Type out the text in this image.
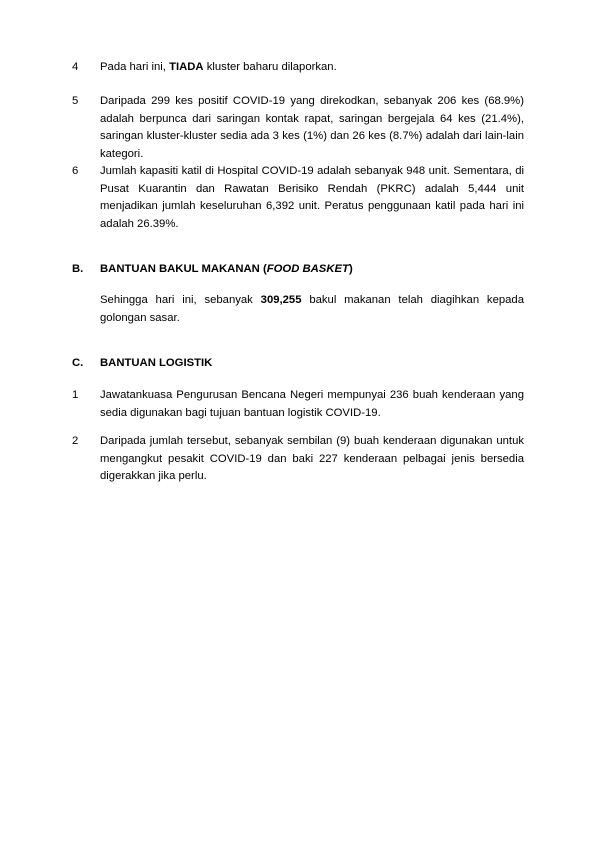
4	Pada hari ini, TIADA kluster baharu dilaporkan.
5	Daripada 299 kes positif COVID-19 yang direkodkan, sebanyak 206 kes (68.9%) adalah berpunca dari saringan kontak rapat, saringan bergejala 64 kes (21.4%), saringan kluster-kluster sedia ada 3 kes (1%) dan 26 kes (8.7%) adalah dari lain-lain kategori.
6	Jumlah kapasiti katil di Hospital COVID-19 adalah sebanyak 948 unit. Sementara, di Pusat Kuarantin dan Rawatan Berisiko Rendah (PKRC) adalah 5,444 unit menjadikan jumlah keseluruhan 6,392 unit. Peratus penggunaan katil pada hari ini adalah 26.39%.
B.	BANTUAN BAKUL MAKANAN (FOOD BASKET)
Sehingga hari ini, sebanyak 309,255 bakul makanan telah diagihkan kepada golongan sasar.
C.	BANTUAN LOGISTIK
1	Jawatankuasa Pengurusan Bencana Negeri mempunyai 236 buah kenderaan yang sedia digunakan bagi tujuan bantuan logistik COVID-19.
2	Daripada jumlah tersebut, sebanyak sembilan (9) buah kenderaan digunakan untuk mengangkut pesakit COVID-19 dan baki 227 kenderaan pelbagai jenis bersedia digerakkan jika perlu.
